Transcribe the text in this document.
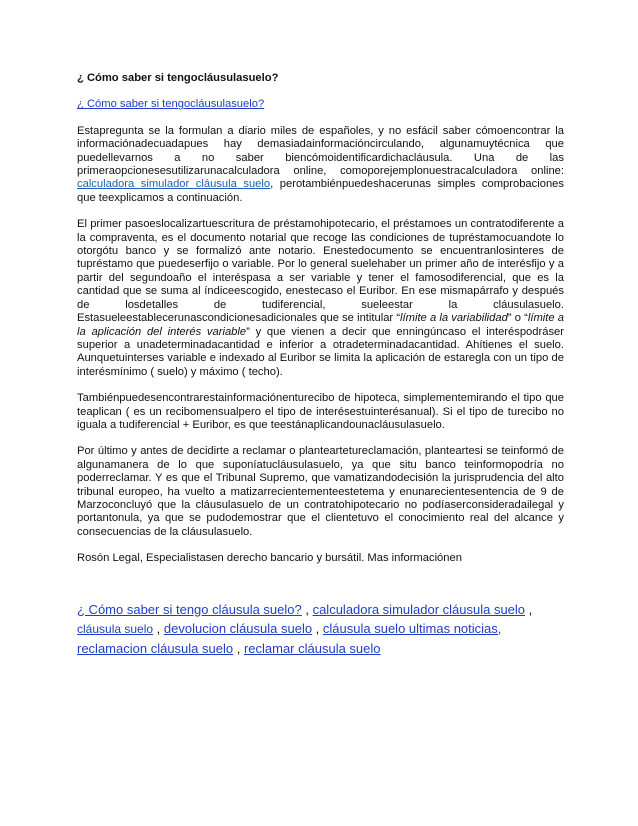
¿ Cómo saber si tengocláusulasuelo?
¿ Cómo saber si tengocláusulasuelo?

Estapregunta se la formulan a diario miles de españoles, y no esfácil saber cómoencontrar la informaciónadecuadapues hay demasiadainformacióncirculando, algunamuytécnica que puedellevarnos a no saber biencómoidentificardichacláusula. Una de las primeraopcionesesutilizarunacalculadora online, comoporejemplonuestracalculadora online: calculadora simulador cláusula suelo, perotambiénpuedeshacerunas simples comprobaciones que teexplicamos a continuación.

El primer pasoeslocalizartuescritura de préstamohipotecario, el préstamoes un contratodiferente a la compraventa, es el documento notarial que recoge las condiciones de tupréstamocuandote lo otorgótu banco y se formalizó ante notario. Enestedocumento se encuentranlosinteres de tupréstamo que puedeserfijo o variable. Por lo general suelehaber un primer año de interésfijo y a partir del segundoaño el interéspasa a ser variable y tener el famosodiferencial, que es la cantidad que se suma al índiceescogido, enestecaso el Euribor. En ese mismapárrafo y después de losdetalles de tudiferencial, sueleestar la cláusulasuelo. Estasueleestablecerunascondicionesadicionales que se intitular “límite a la variabilidad” o “límite a la aplicación del interés variable” y que vienen a decir que enningúncaso el interéspodráser superior a unadeterminadacantidad e inferior a otradeterminadacantidad. Ahítienes el suelo. Aunquetuinterses variable e indexado al Euribor se limita la aplicación de estaregla con un tipo de interésmínimo ( suelo) y máximo ( techo).

Tambiénpuedesencontrarestainformaciónenturecibo de hipoteca, simplementemirando el tipo que teaplican ( es un recibomensualpero el tipo de interésestuinterésanual). Si el tipo de turecibo no iguala a tudiferencial + Euribor, es que teestánaplicandounacláusulasuelo.

Por último y antes de decidirte a reclamar o planteartetureclamación, planteartesi se teinformó de algunamanera de lo que suponíatucláusulasuelo, ya que situ banco teinformopodría no poderreclamar. Y es que el Tribunal Supremo, que vamatizandodecisión la jurisprudencia del alto tribunal europeo, ha vuelto a matizarrecientementeestetema y enunarecientesentencia de 9 de Marzoconcluyó que la cláusulasuelo de un contratohipotecario no podíaserconsideradailegal y portantonula, ya que se pudodemostrar que el clientetuvo el conocimiento real del alcance y consecuencias de la cláusulasuelo.

Rosón Legal, Especialistasen derecho bancario y bursátil. Mas informaciónen

¿ Cómo saber si tengo cláusula suelo? , calculadora simulador cláusula suelo , cláusula suelo , devolucion cláusula suelo , cláusula suelo ultimas noticias, reclamacion cláusula suelo , reclamar cláusula suelo
